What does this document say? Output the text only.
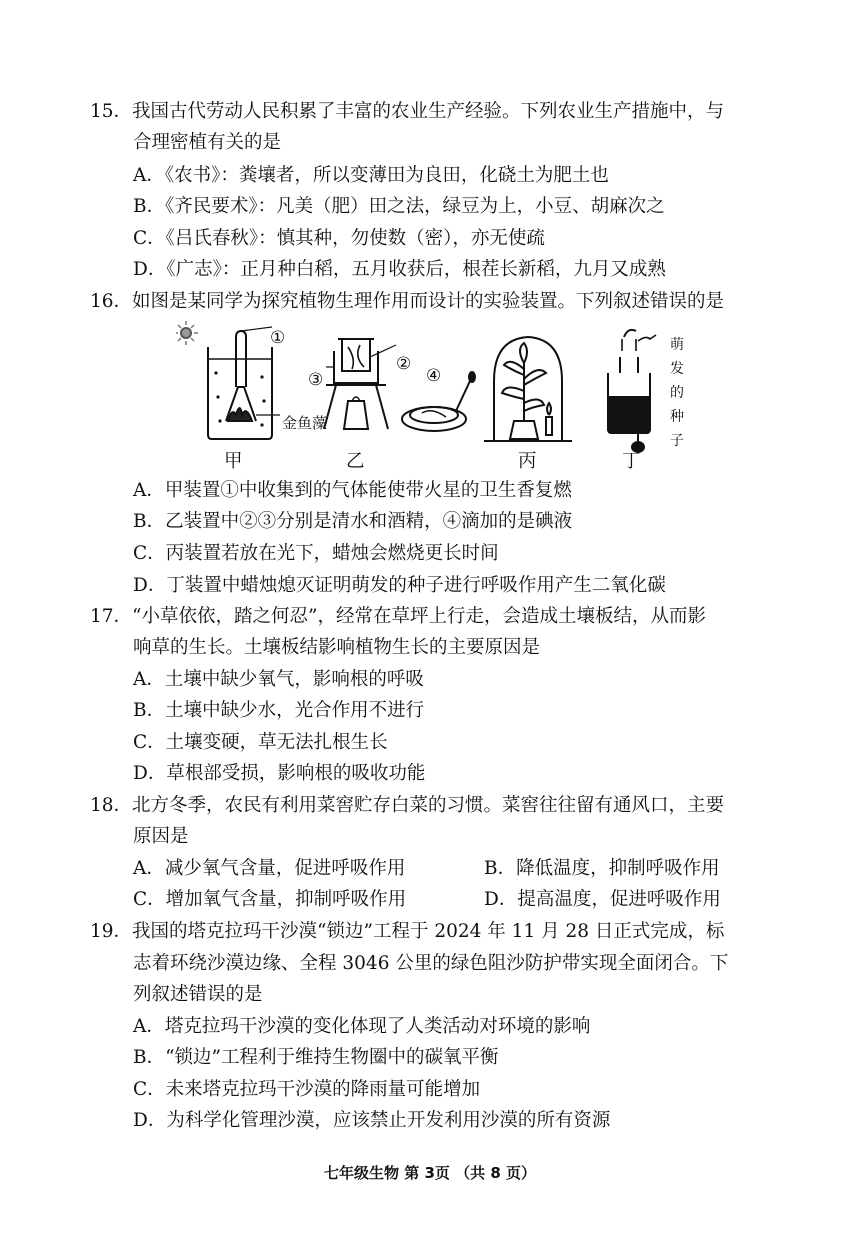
15．我国古代劳动人民积累了丰富的农业生产经验。下列农业生产措施中，与
合理密植有关的是
A．《农书》：粪壤者，所以变薄田为良田，化硗土为肥土也
B．《齐民要术》：凡美（肥）田之法，绿豆为上，小豆、胡麻次之
C．《吕氏春秋》：慎其种，勿使数（密），亦无使疏
D．《广志》：正月种白稻，五月收获后，根茬长新稻，九月又成熟
16．如图是某同学为探究植物生理作用而设计的实验装置。下列叙述错误的是
①
②
③	④
金鱼藻
萌
发
的
种
子
甲	乙	丙	丁
A．甲装置①中收集到的气体能使带火星的卫生香复燃
B．乙装置中②③分别是清水和酒精，④滴加的是碘液
C．丙装置若放在光下，蜡烛会燃烧更长时间
D．丁装置中蜡烛熄灭证明萌发的种子进行呼吸作用产生二氧化碳
17．“小草依依，踏之何忍”，经常在草坪上行走，会造成土壤板结，从而影
响草的生长。土壤板结影响植物生长的主要原因是
A．土壤中缺少氧气，影响根的呼吸
B．土壤中缺少水，光合作用不进行
C．土壤变硬，草无法扎根生长
D．草根部受损，影响根的吸收功能
18．北方冬季，农民有利用菜窖贮存白菜的习惯。菜窖往往留有通风口，主要
原因是
A．减少氧气含量，促进呼吸作用	B．降低温度，抑制呼吸作用
C．增加氧气含量，抑制呼吸作用	D．提高温度，促进呼吸作用
19．我国的塔克拉玛干沙漠“锁边”工程于 2024 年 11 月 28 日正式完成，标
志着环绕沙漠边缘、全程 3046 公里的绿色阻沙防护带实现全面闭合。下
列叙述错误的是
A．塔克拉玛干沙漠的变化体现了人类活动对环境的影响
B．“锁边”工程利于维持生物圈中的碳氧平衡
C．未来塔克拉玛干沙漠的降雨量可能增加
D．为科学化管理沙漠，应该禁止开发利用沙漠的所有资源
七年级生物 第 3页 （共 8 页）
